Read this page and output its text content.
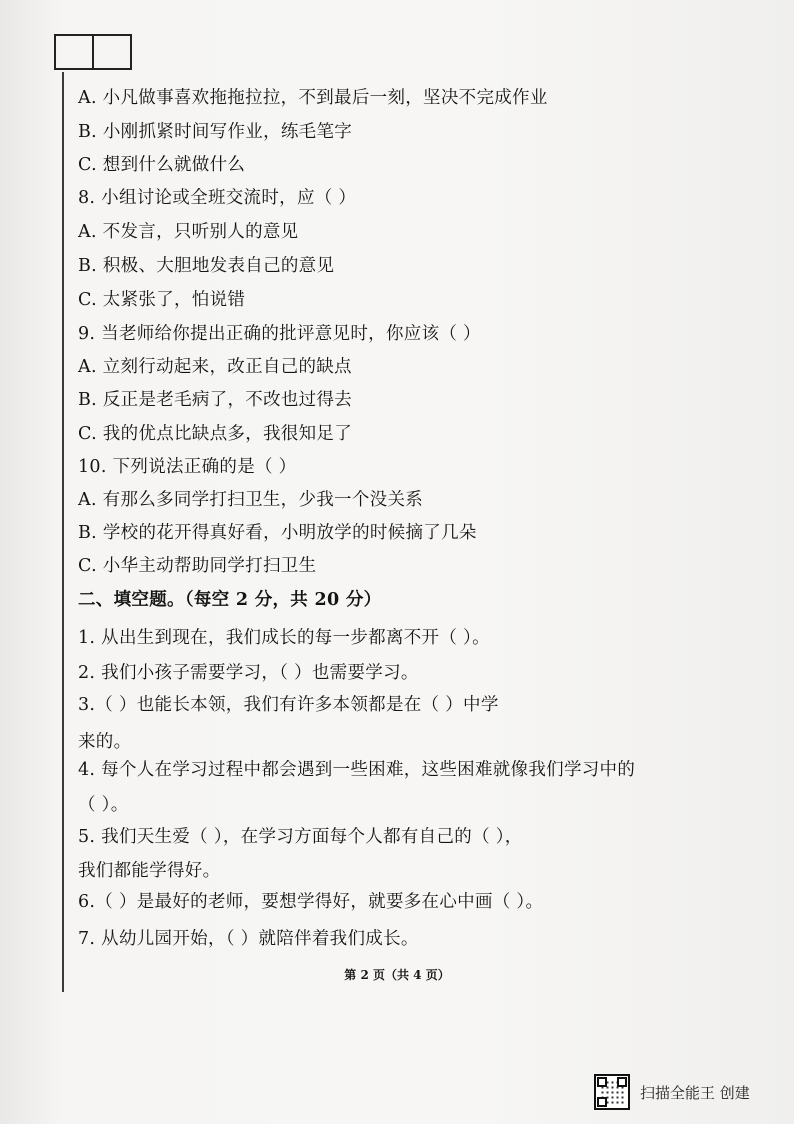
A. 小凡做事喜欢拖拖拉拉，不到最后一刻，坚决不完成作业
B. 小刚抓紧时间写作业，练毛笔字
C. 想到什么就做什么
8. 小组讨论或全班交流时，应（ ）
A. 不发言，只听别人的意见
B. 积极、大胆地发表自己的意见
C. 太紧张了，怕说错
9. 当老师给你提出正确的批评意见时，你应该（ ）
A. 立刻行动起来，改正自己的缺点
B. 反正是老毛病了，不改也过得去
C. 我的优点比缺点多，我很知足了
10. 下列说法正确的是（ ）
A. 有那么多同学打扫卫生，少我一个没关系
B. 学校的花开得真好看，小明放学的时候摘了几朵
C. 小华主动帮助同学打扫卫生
二、填空题。（每空 2 分，共 20 分）
1. 从出生到现在，我们成长的每一步都离不开（ ）。
2. 我们小孩子需要学习，（ ）也需要学习。
3.（ ）也能长本领，我们有许多本领都是在（ ）中学
来的。
4. 每个人在学习过程中都会遇到一些困难，这些困难就像我们学习中的
（ ）。
5. 我们天生爱（ ），在学习方面每个人都有自己的（ ），
我们都能学得好。
6.（ ）是最好的老师，要想学得好，就要多在心中画（ ）。
7. 从幼儿园开始，（ ）就陪伴着我们成长。
第 2 页（共 4 页）
扫描全能王 创建
